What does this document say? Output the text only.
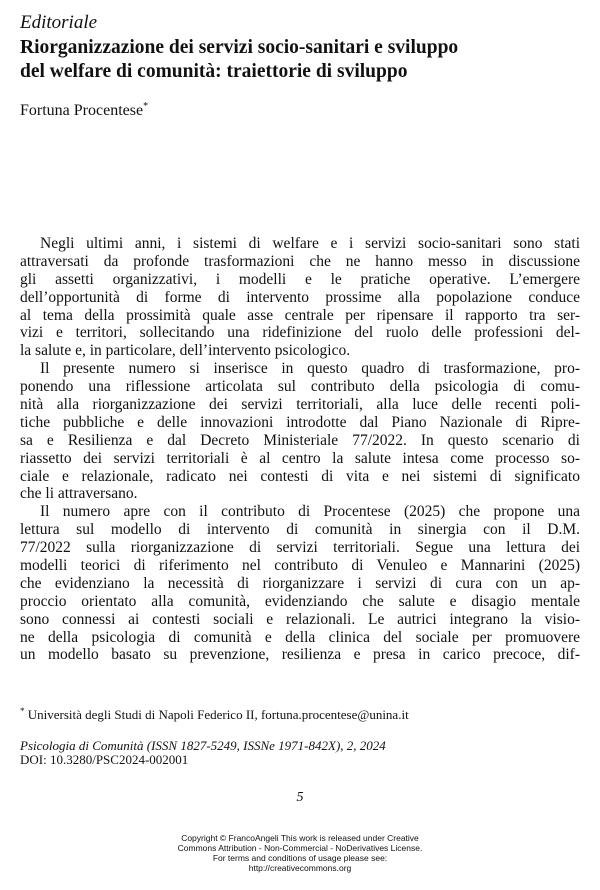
Editoriale
Riorganizzazione dei servizi socio-sanitari e sviluppo
del welfare di comunità: traiettorie di sviluppo
Fortuna Procentese*
Negli ultimi anni, i sistemi di welfare e i servizi socio-sanitari sono stati
attraversati da profonde trasformazioni che ne hanno messo in discussione
gli assetti organizzativi, i modelli e le pratiche operative. L’emergere
dell’opportunità di forme di intervento prossime alla popolazione conduce
al tema della prossimità quale asse centrale per ripensare il rapporto tra ser-
vizi e territori, sollecitando una ridefinizione del ruolo delle professioni del-
la salute e, in particolare, dell’intervento psicologico.
Il presente numero si inserisce in questo quadro di trasformazione, pro-
ponendo una riflessione articolata sul contributo della psicologia di comu-
nità alla riorganizzazione dei servizi territoriali, alla luce delle recenti poli-
tiche pubbliche e delle innovazioni introdotte dal Piano Nazionale di Ripre-
sa e Resilienza e dal Decreto Ministeriale 77/2022. In questo scenario di
riassetto dei servizi territoriali è al centro la salute intesa come processo so-
ciale e relazionale, radicato nei contesti di vita e nei sistemi di significato
che li attraversano.
Il numero apre con il contributo di Procentese (2025) che propone una
lettura sul modello di intervento di comunità in sinergia con il D.M.
77/2022 sulla riorganizzazione di servizi territoriali. Segue una lettura dei
modelli teorici di riferimento nel contributo di Venuleo e Mannarini (2025)
che evidenziano la necessità di riorganizzare i servizi di cura con un ap-
proccio orientato alla comunità, evidenziando che salute e disagio mentale
sono connessi ai contesti sociali e relazionali. Le autrici integrano la visio-
ne della psicologia di comunità e della clinica del sociale per promuovere
un modello basato su prevenzione, resilienza e presa in carico precoce, dif-
* Università degli Studi di Napoli Federico II, fortuna.procentese@unina.it
Psicologia di Comunità (ISSN 1827-5249, ISSNe 1971-842X), 2, 2024
DOI: 10.3280/PSC2024-002001
5
Copyright © FrancoAngeli This work is released under Creative
Commons Attribution - Non-Commercial - NoDerivatives License.
For terms and conditions of usage please see:
http://creativecommons.org
